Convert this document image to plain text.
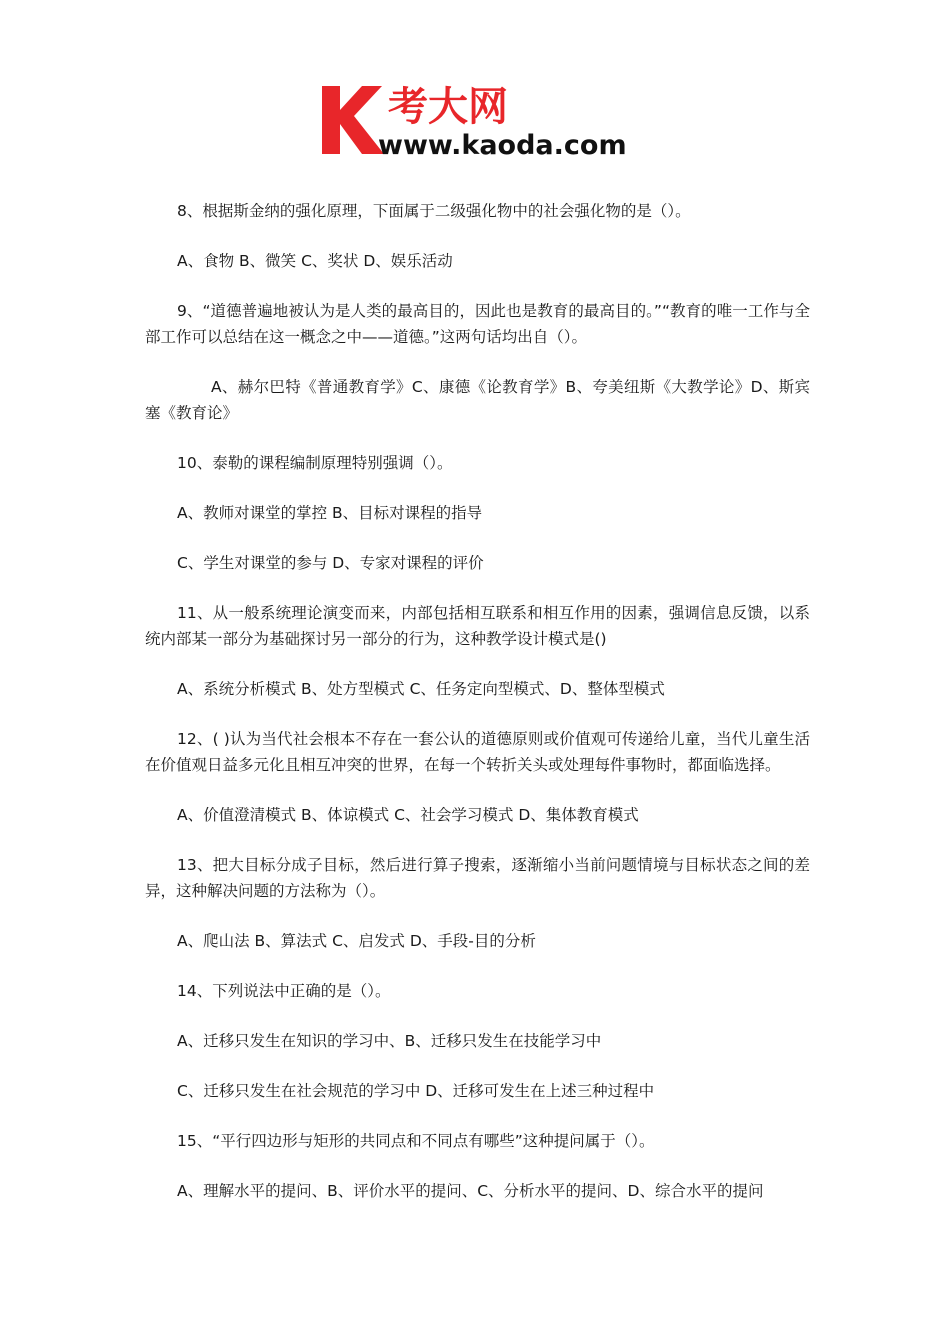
考大网
www.kaoda.com

8、根据斯金纳的强化原理，下面属于二级强化物中的社会强化物的是（）。

A、食物 B、微笑 C、奖状 D、娱乐活动

9、“道德普遍地被认为是人类的最高目的，因此也是教育的最高目的。”“教育的唯一工作与全部工作可以总结在这一概念之中——道德。”这两句话均出自（）。

A、赫尔巴特《普通教育学》C、康德《论教育学》B、夸美纽斯《大教学论》D、斯宾塞《教育论》

10、泰勒的课程编制原理特别强调（）。

A、教师对课堂的掌控 B、目标对课程的指导

C、学生对课堂的参与 D、专家对课程的评价

11、从一般系统理论演变而来，内部包括相互联系和相互作用的因素，强调信息反馈，以系统内部某一部分为基础探讨另一部分的行为，这种教学设计模式是()

A、系统分析模式 B、处方型模式 C、任务定向型模式、D、整体型模式

12、( )认为当代社会根本不存在一套公认的道德原则或价值观可传递给儿童，当代儿童生活在价值观日益多元化且相互冲突的世界，在每一个转折关头或处理每件事物时，都面临选择。

A、价值澄清模式 B、体谅模式 C、社会学习模式 D、集体教育模式

13、把大目标分成子目标，然后进行算子搜索，逐渐缩小当前问题情境与目标状态之间的差异，这种解决问题的方法称为（）。

A、爬山法 B、算法式 C、启发式 D、手段-目的分析

14、下列说法中正确的是（）。

A、迁移只发生在知识的学习中、B、迁移只发生在技能学习中

C、迁移只发生在社会规范的学习中 D、迁移可发生在上述三种过程中

15、“平行四边形与矩形的共同点和不同点有哪些”这种提问属于（）。

A、理解水平的提问、B、评价水平的提问、C、分析水平的提问、D、综合水平的提问
